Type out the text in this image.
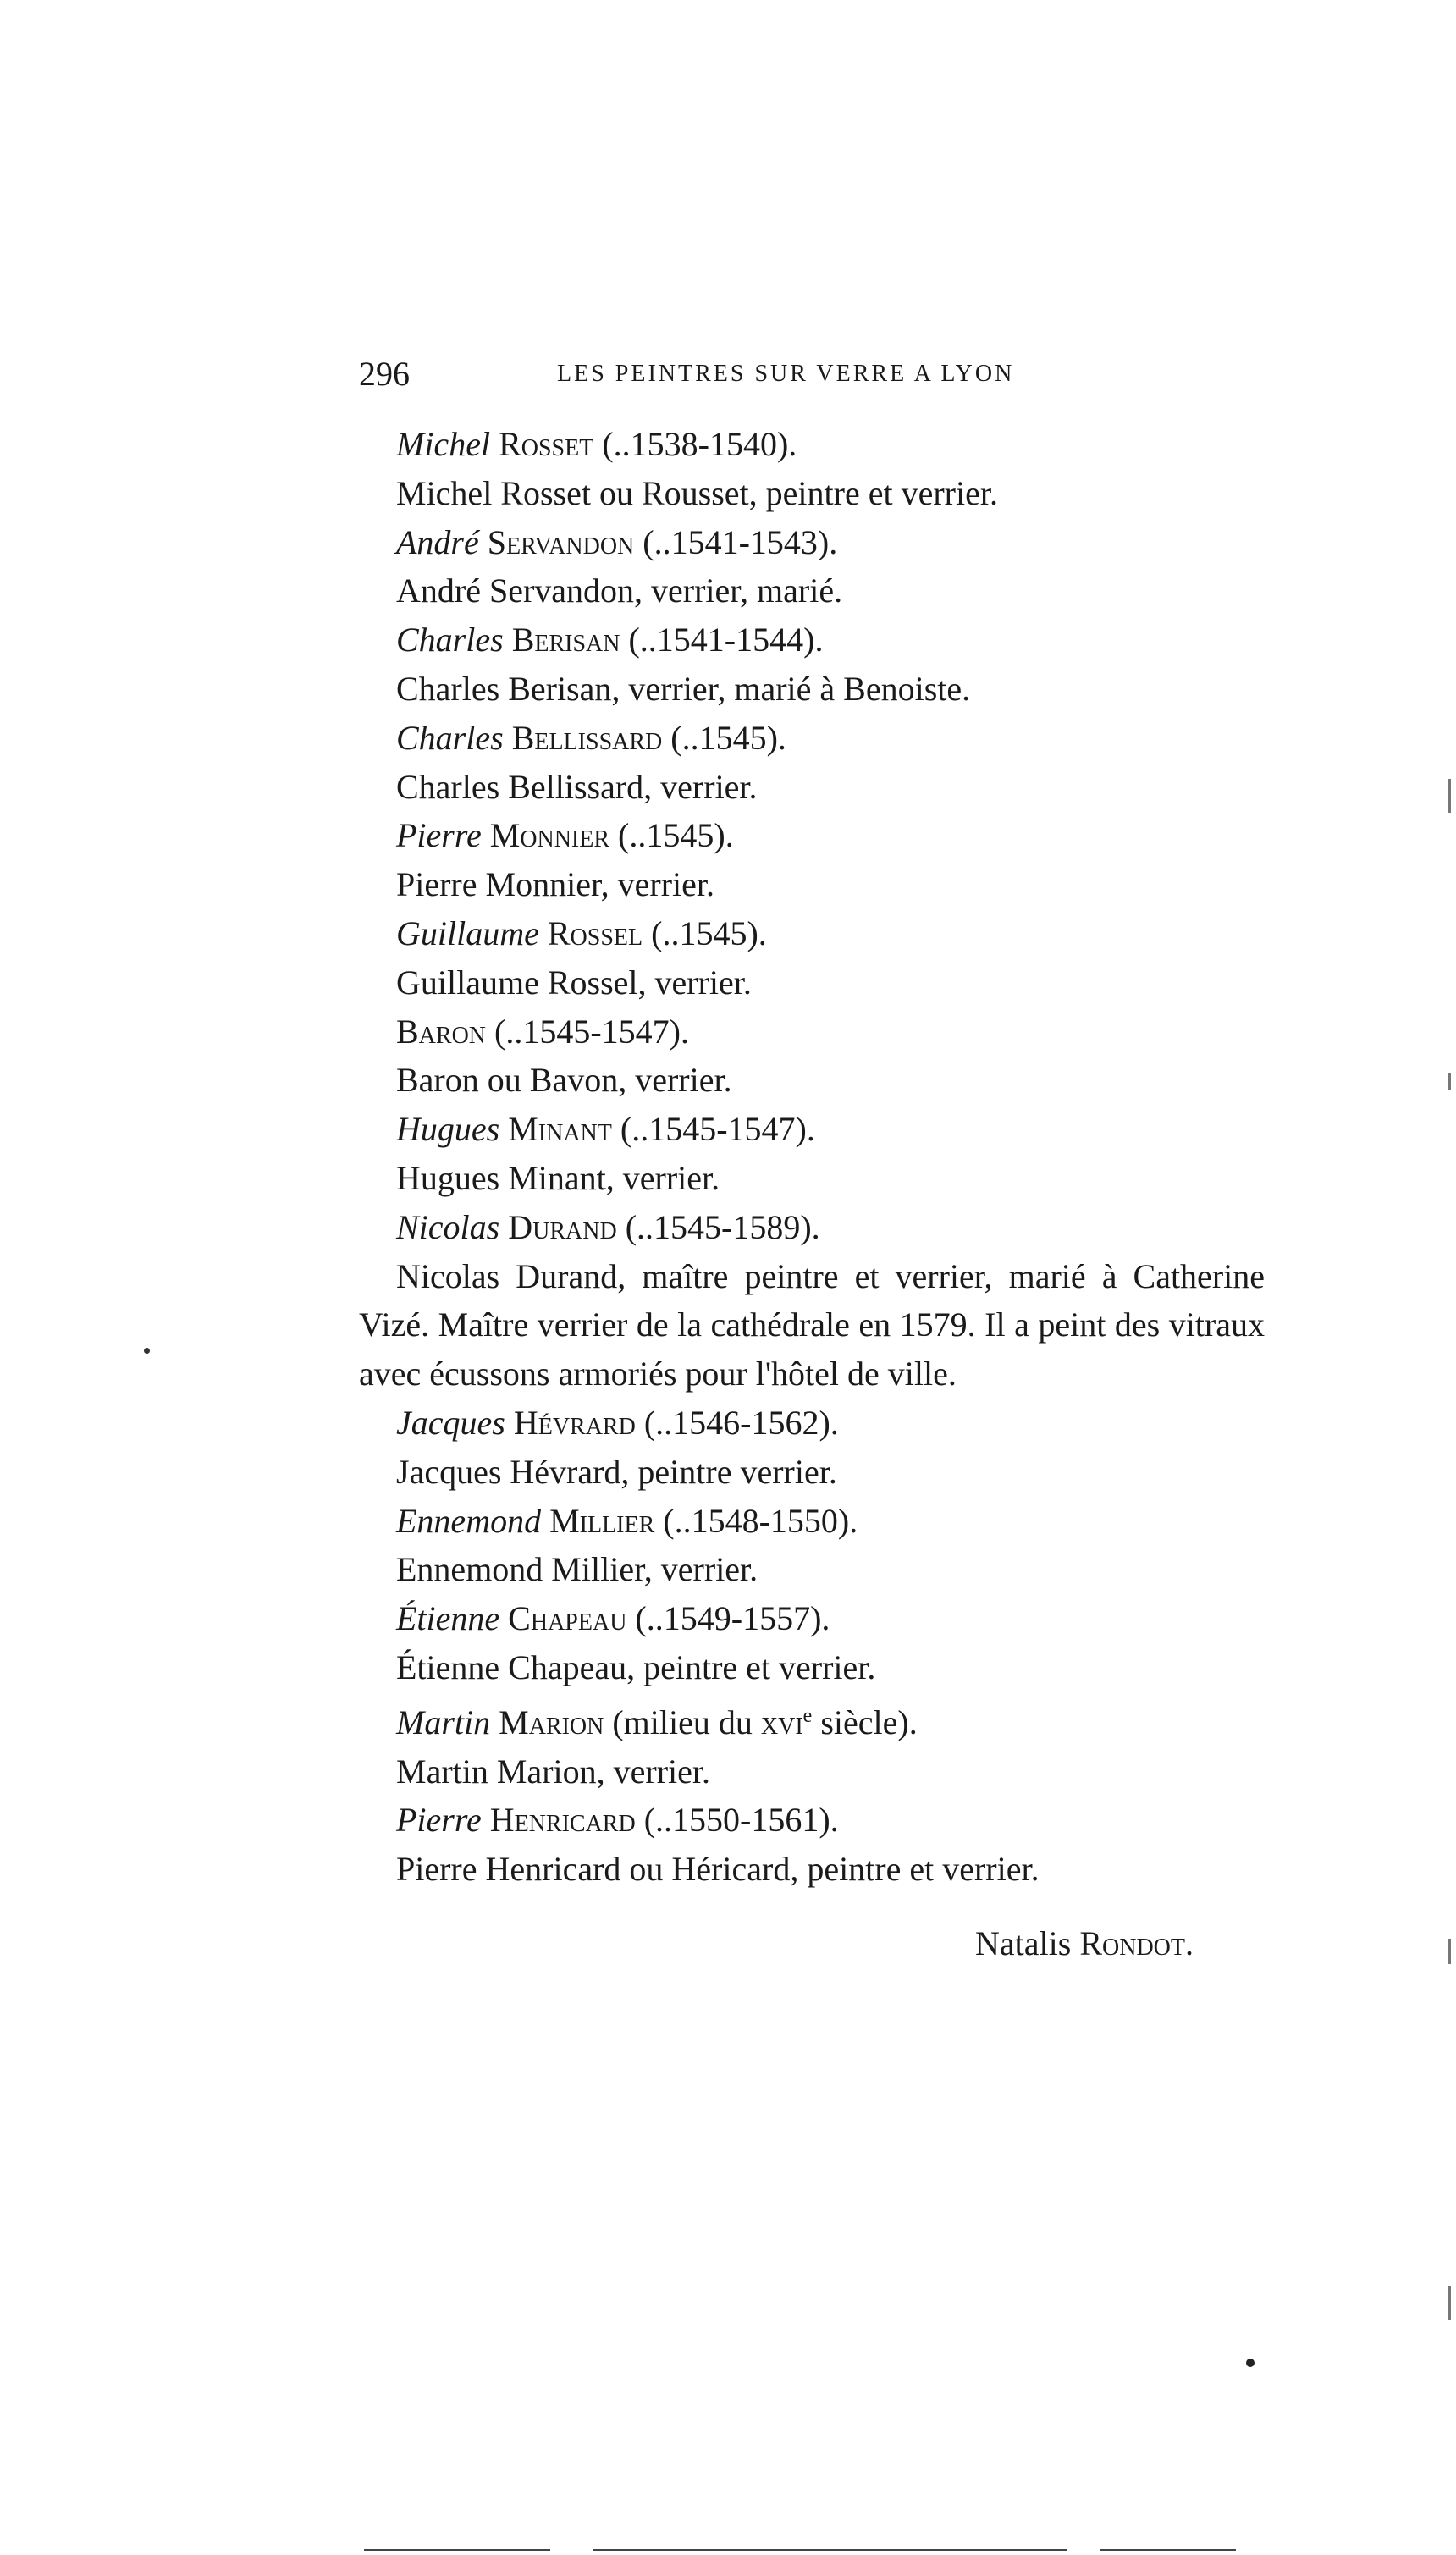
296	LES PEINTRES SUR VERRE A LYON
Michel Rosset (..1538-1540).
Michel Rosset ou Rousset, peintre et verrier.
André Servandon (..1541-1543).
André Servandon, verrier, marié.
Charles Berisan (..1541-1544).
Charles Berisan, verrier, marié à Benoiste.
Charles Bellissard (..1545).
Charles Bellissard, verrier.
Pierre Monnier (..1545).
Pierre Monnier, verrier.
Guillaume Rossel (..1545).
Guillaume Rossel, verrier.
Baron (..1545-1547).
Baron ou Bavon, verrier.
Hugues Minant (..1545-1547).
Hugues Minant, verrier.
Nicolas Durand (..1545-1589).
Nicolas Durand, maître peintre et verrier, marié à Catherine Vizé. Maître verrier de la cathédrale en 1579. Il a peint des vitraux avec écussons armoriés pour l'hôtel de ville.
Jacques Hévrard (..1546-1562).
Jacques Hévrard, peintre verrier.
Ennemond Millier (..1548-1550).
Ennemond Millier, verrier.
Étienne Chapeau (..1549-1557).
Étienne Chapeau, peintre et verrier.
Martin Marion (milieu du xvi$^e$ siècle).
Martin Marion, verrier.
Pierre Henricard (..1550-1561).
Pierre Henricard ou Héricard, peintre et verrier.
Natalis Rondot.
